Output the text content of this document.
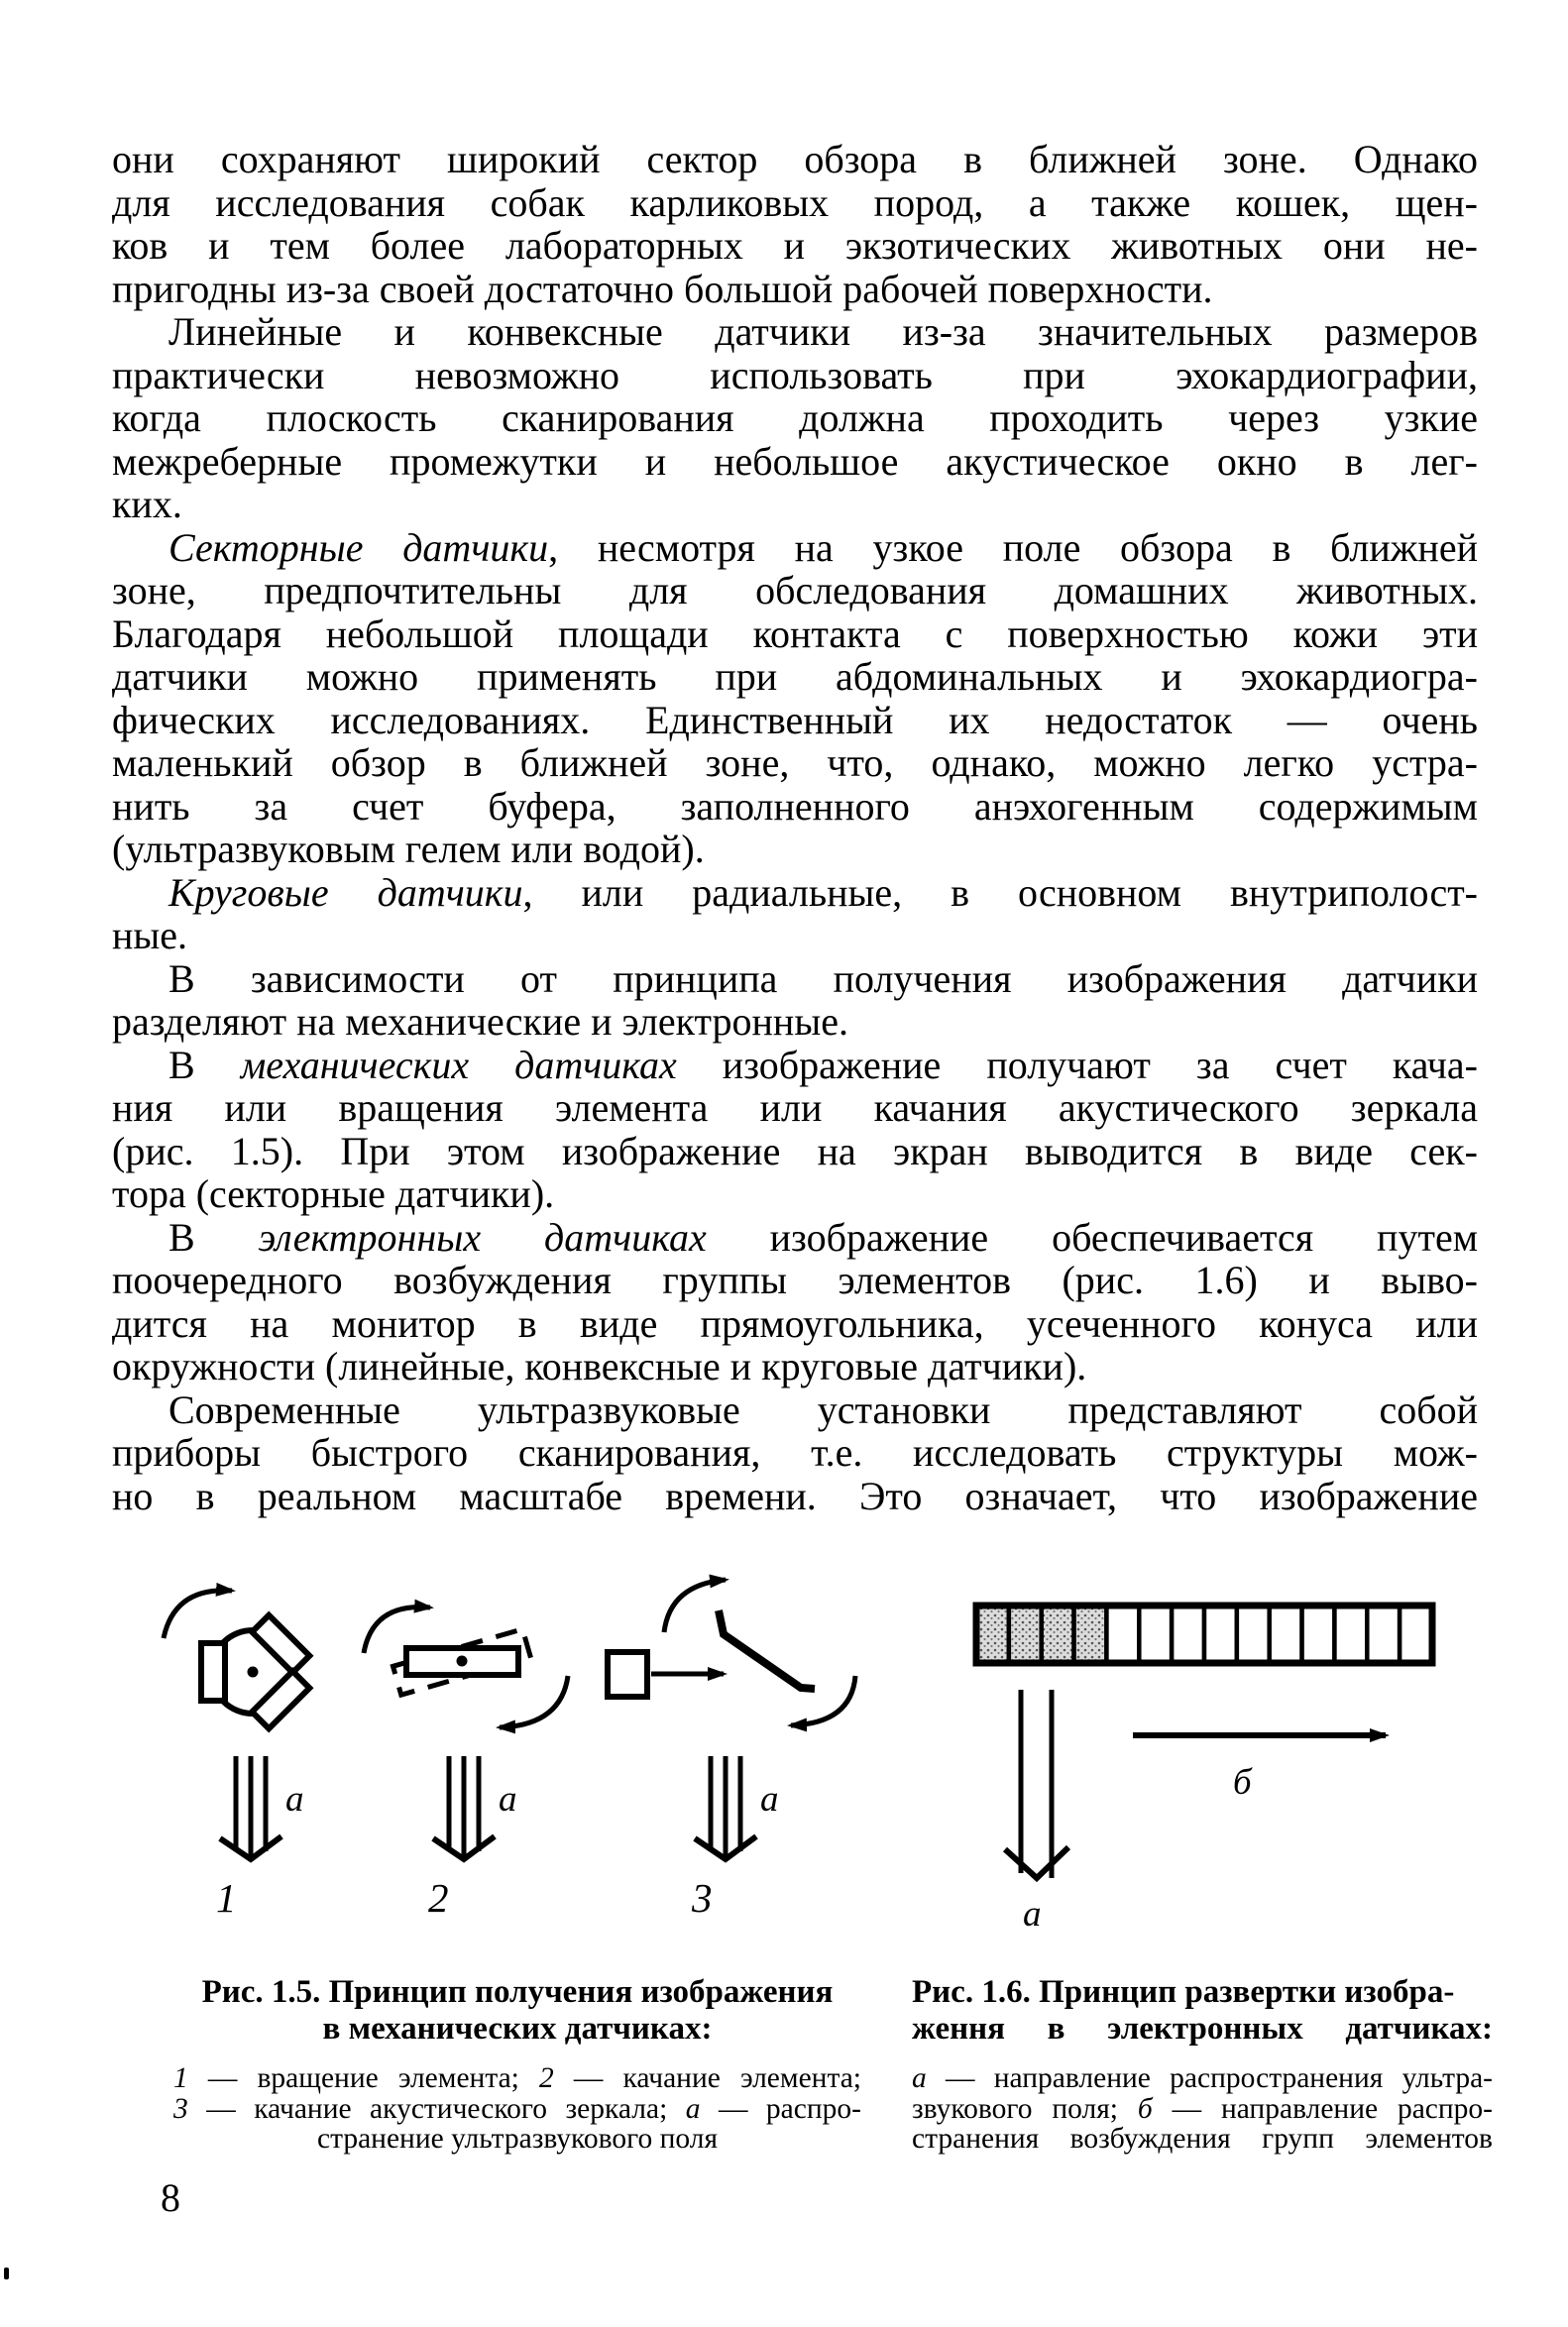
они сохраняют широкий сектор обзора в ближней зоне. Однако
для исследования собак карликовых пород, а также кошек, щен-
ков и тем более лабораторных и экзотических животных они не-
пригодны из-за своей достаточно большой рабочей поверхности.
Линейные и конвексные датчики из-за значительных размеров
практически невозможно использовать при эхокардиографии,
когда плоскость сканирования должна проходить через узкие
межреберные промежутки и небольшое акустическое окно в лег-
ких.
Секторные датчики, несмотря на узкое поле обзора в ближней
зоне, предпочтительны для обследования домашних животных.
Благодаря небольшой площади контакта с поверхностью кожи эти
датчики можно применять при абдоминальных и эхокардиогра-
фических исследованиях. Единственный их недостаток — очень
маленький обзор в ближней зоне, что, однако, можно легко устра-
нить за счет буфера, заполненного анэхогенным содержимым
(ультразвуковым гелем или водой).
Круговые датчики, или радиальные, в основном внутриполост-
ные.
В зависимости от принципа получения изображения датчики
разделяют на механические и электронные.
В механических датчиках изображение получают за счет кача-
ния или вращения элемента или качания акустического зеркала
(рис. 1.5). При этом изображение на экран выводится в виде сек-
тора (секторные датчики).
В электронных датчиках изображение обеспечивается путем
поочередного возбуждения группы элементов (рис. 1.6) и выво-
дится на монитор в виде прямоугольника, усеченного конуса или
окружности (линейные, конвексные и круговые датчики).
Современные ультразвуковые установки представляют собой
приборы быстрого сканирования, т.е. исследовать структуры мож-
но в реальном масштабе времени. Это означает, что изображение
а
1
а
2
а
3	а
б
Рис. 1.5. Принцип получения изображения
в механических датчиках:
1 — вращение элемента; 2 — качание элемента;
3 — качание акустического зеркала; а — распро-
странение ультразвукового поля
Рис. 1.6. Принцип развертки изобра-
ження в электронных датчиках:
а — направление распространения ультра-
звукового поля; б — направление распро-
странения возбуждения групп элементов
8
